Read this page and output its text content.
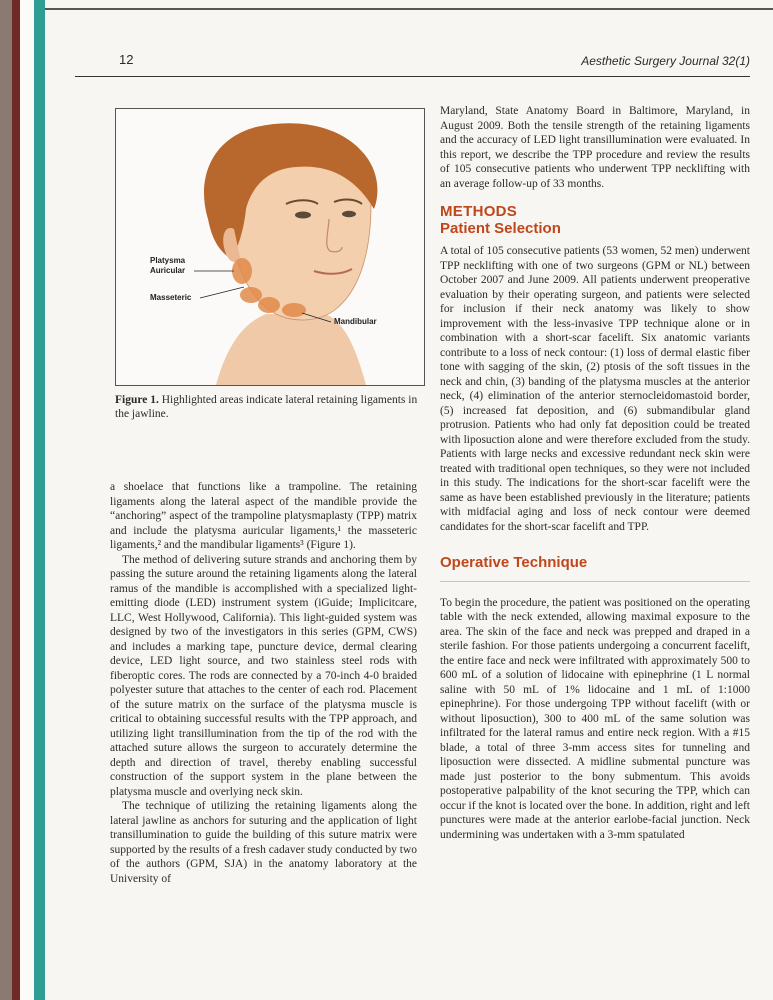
12	Aesthetic Surgery Journal 32(1)
Platysma
Auricular
Masseteric
Mandibular
Figure 1. Highlighted areas indicate lateral retaining ligaments in the jawline.

a shoelace that functions like a trampoline. The retaining ligaments along the lateral aspect of the mandible provide the “anchoring” aspect of the trampoline platysmaplasty (TPP) matrix and include the platysma auricular ligaments,¹ the masseteric ligaments,² and the mandibular ligaments³ (Figure 1).

The method of delivering suture strands and anchoring them by passing the suture around the retaining ligaments along the lateral ramus of the mandible is accomplished with a specialized light-emitting diode (LED) instrument system (iGuide; Implicitcare, LLC, West Hollywood, California). This light-guided system was designed by two of the investigators in this series (GPM, CWS) and includes a marking tape, puncture device, dermal clearing device, LED light source, and two stainless steel rods with fiberoptic cores. The rods are connected by a 70-inch 4-0 braided polyester suture that attaches to the center of each rod. Placement of the suture matrix on the surface of the platysma muscle is critical to obtaining successful results with the TPP approach, and utilizing light transillumination from the tip of the rod with the attached suture allows the surgeon to accurately determine the depth and direction of travel, thereby enabling successful construction of the support system in the plane between the platysma muscle and overlying neck skin.

The technique of utilizing the retaining ligaments along the lateral jawline as anchors for suturing and the application of light transillumination to guide the building of this suture matrix were supported by the results of a fresh cadaver study conducted by two of the authors (GPM, SJA) in the anatomy laboratory at the University of

Maryland, State Anatomy Board in Baltimore, Maryland, in August 2009. Both the tensile strength of the retaining ligaments and the accuracy of LED light transillumination were evaluated. In this report, we describe the TPP procedure and review the results of 105 consecutive patients who underwent TPP necklifting with an average follow-up of 33 months.

METHODS
Patient Selection

A total of 105 consecutive patients (53 women, 52 men) underwent TPP necklifting with one of two surgeons (GPM or NL) between October 2007 and June 2009. All patients underwent preoperative evaluation by their operating surgeon, and patients were selected for inclusion if their neck anatomy was likely to show improvement with the less-invasive TPP technique alone or in combination with a short-scar facelift. Six anatomic variants contribute to a loss of neck contour: (1) loss of dermal elastic fiber tone with sagging of the skin, (2) ptosis of the soft tissues in the neck and chin, (3) banding of the platysma muscles at the anterior neck, (4) elimination of the anterior sternocleidomastoid border, (5) increased fat deposition, and (6) submandibular gland protrusion. Patients who had only fat deposition could be treated with liposuction alone and were therefore excluded from the study. Patients with large necks and excessive redundant neck skin were treated with traditional open techniques, so they were not included in this study. The indications for the short-scar facelift were the same as have been established previously in the literature; patients with midfacial aging and loss of neck contour were deemed candidates for the short-scar facelift and TPP.

Operative Technique

To begin the procedure, the patient was positioned on the operating table with the neck extended, allowing maximal exposure to the area. The skin of the face and neck was prepped and draped in a sterile fashion. For those patients undergoing a concurrent facelift, the entire face and neck were infiltrated with approximately 500 to 600 mL of a solution of lidocaine with epinephrine (1 L normal saline with 50 mL of 1% lidocaine and 1 mL of 1:1000 epinephrine). For those undergoing TPP without facelift (with or without liposuction), 300 to 400 mL of the same solution was infiltrated for the lateral ramus and entire neck region. With a #15 blade, a total of three 3-mm access sites for tunneling and liposuction were dissected. A midline submental puncture was made just posterior to the bony submentum. This avoids postoperative palpability of the knot securing the TPP, which can occur if the knot is located over the bone. In addition, right and left punctures were made at the anterior earlobe-facial junction. Neck undermining was undertaken with a 3-mm spatulated
